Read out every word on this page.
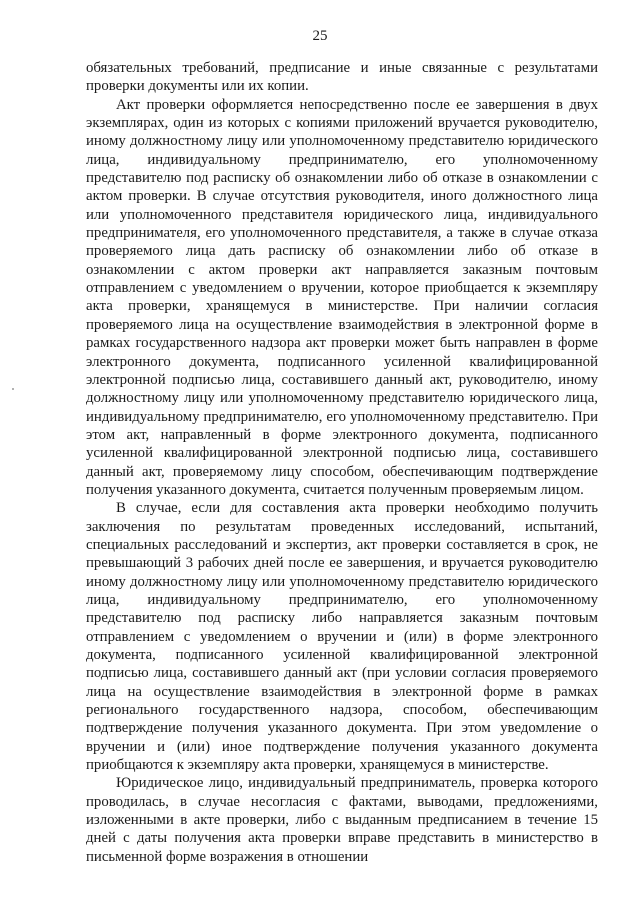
25

обязательных требований, предписание и иные связанные с результатами проверки документы или их копии.

Акт проверки оформляется непосредственно после ее завершения в двух экземплярах, один из которых с копиями приложений вручается руководителю, иному должностному лицу или уполномоченному представителю юридического лица, индивидуальному предпринимателю, его уполномоченному представителю под расписку об ознакомлении либо об отказе в ознакомлении с актом проверки. В случае отсутствия руководителя, иного должностного лица или уполномоченного представителя юридического лица, индивидуального предпринимателя, его уполномоченного представителя, а также в случае отказа проверяемого лица дать расписку об ознакомлении либо об отказе в ознакомлении с актом проверки акт направляется заказным почтовым отправлением с уведомлением о вручении, которое приобщается к экземпляру акта проверки, хранящемуся в министерстве. При наличии согласия проверяемого лица на осуществление взаимодействия в электронной форме в рамках государственного надзора акт проверки может быть направлен в форме электронного документа, подписанного усиленной квалифицированной электронной подписью лица, составившего данный акт, руководителю, иному должностному лицу или уполномоченному представителю юридического лица, индивидуальному предпринимателю, его уполномоченному представителю. При этом акт, направленный в форме электронного документа, подписанного усиленной квалифицированной электронной подписью лица, составившего данный акт, проверяемому лицу способом, обеспечивающим подтверждение получения указанного документа, считается полученным проверяемым лицом.

В случае, если для составления акта проверки необходимо получить заключения по результатам проведенных исследований, испытаний, специальных расследований и экспертиз, акт проверки составляется в срок, не превышающий 3 рабочих дней после ее завершения, и вручается руководителю иному должностному лицу или уполномоченному представителю юридического лица, индивидуальному предпринимателю, его уполномоченному представителю под расписку либо направляется заказным почтовым отправлением с уведомлением о вручении и (или) в форме электронного документа, подписанного усиленной квалифицированной электронной подписью лица, составившего данный акт (при условии согласия проверяемого лица на осуществление взаимодействия в электронной форме в рамках регионального государственного надзора, способом, обеспечивающим подтверждение получения указанного документа. При этом уведомление о вручении и (или) иное подтверждение получения указанного документа приобщаются к экземпляру акта проверки, хранящемуся в министерстве.

Юридическое лицо, индивидуальный предприниматель, проверка которого проводилась, в случае несогласия с фактами, выводами, предложениями, изложенными в акте проверки, либо с выданным предписанием в течение 15 дней с даты получения акта проверки вправе представить в министерство в письменной форме возражения в отношении
